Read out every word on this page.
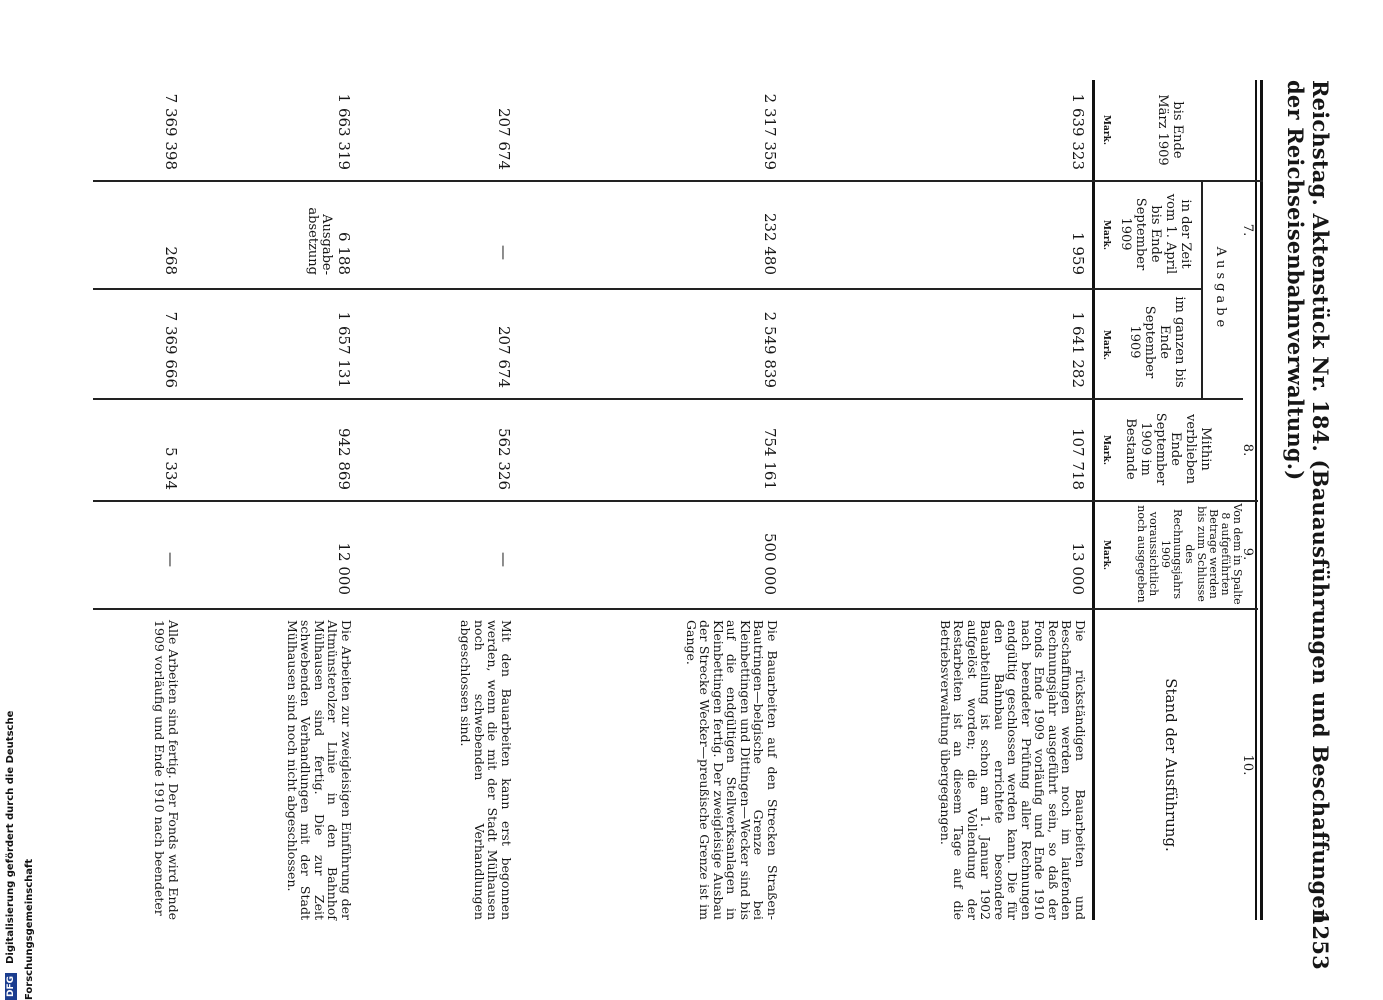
Reichstag. Aktenstück Nr. 184. (Bauausführungen und Beschaffungen der Reichseisenbahnverwaltung.)
1253
7.
8.
9.
10.
Ausgabe
bis Ende März 1909
in der Zeit vom 1. April bis Ende September 1909
im ganzen bis Ende September 1909
Mithin verblieben Ende September 1909 im Bestande
Von dem in Spalte 8 aufgeführten Betrage werden bis zum Schlusse des Rechnungsjahrs 1909 voraussichtlich noch ausgegeben
Stand der Ausführung.
Mark.
Mark.
Mark.
Mark.
Mark.
1 639 323
1 959
1 641 282
107 718
13 000
Die rückständigen Bauarbeiten und Beschaffungen werden noch im laufenden Rechnungsjahr ausgeführt sein, so daß der Fonds Ende 1909 vorläufig und Ende 1910 nach beendeter Prüfung aller Rechnungen endgültig geschlossen werden kann. Die für den Bahnbau errichtete besondere Bauabteilung ist schon am 1. Januar 1902 aufgelöst worden; die Vollendung der Restarbeiten ist an diesem Tage auf die Betriebsverwaltung übergegangen.
2 317 359
232 480
2 549 839
754 161
500 000
Die Bauarbeiten auf den Strecken Straßen-Bautringen—belgische Grenze bei Kleinbettingen und Dittingen—Wecker sind bis auf die endgültigen Stellwerksanlagen in Kleinbettingen fertig. Der zweigleisige Ausbau der Strecke Wecker—preußische Grenze ist im Gange.
207 674
—
207 674
562 326
—
Mit den Bauarbeiten kann erst begonnen werden, wenn die mit der Stadt Mülhausen noch schwebenden Verhandlungen abgeschlossen sind.
1 663 319
6 188
Ausgabe-absetzung
1 657 131
942 869
12 000
Die Arbeiten zur zweigleisigen Einführung der Altmünsterolzer Linie in den Bahnhof Mülhausen sind fertig. Die zur Zeit schwebenden Verhandlungen mit der Stadt Mülhausen sind noch nicht abgeschlossen.
7 369 398
268
7 369 666
5 334
—
Alle Arbeiten sind fertig. Der Fonds wird Ende 1909 vorläufig und Ende 1910 nach beendeter
DFG Digitalisierung gefördert durch die Deutsche Forschungsgemeinschaft
